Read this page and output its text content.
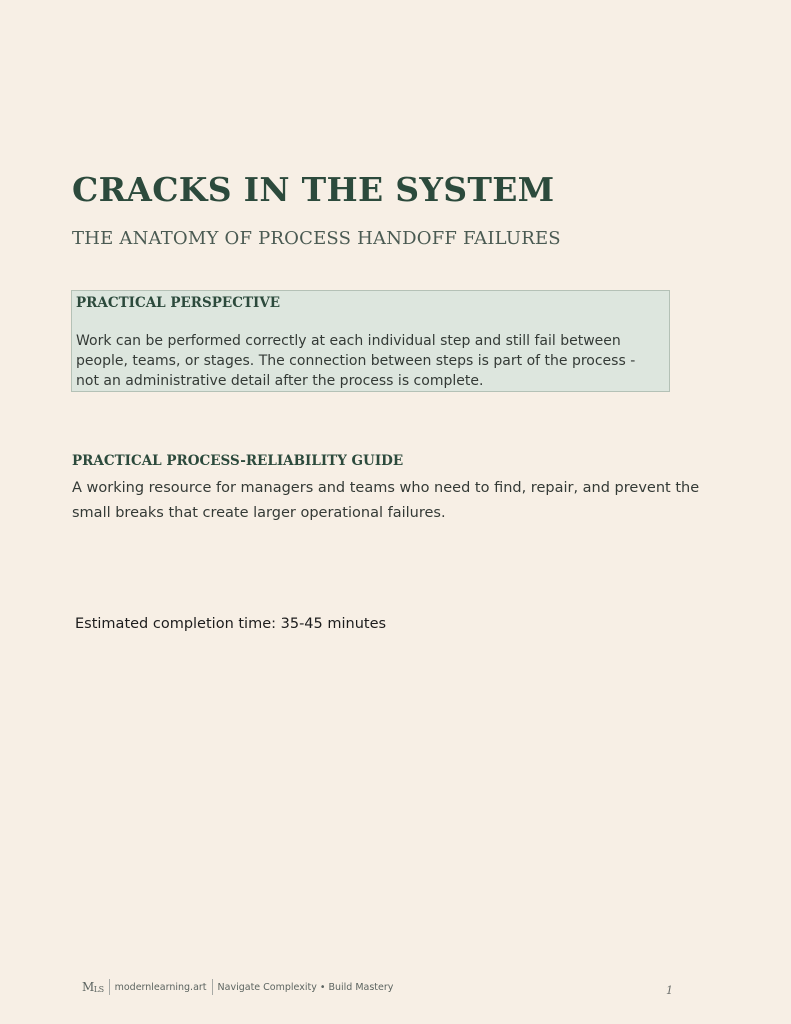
CRACKS IN THE SYSTEM
THE ANATOMY OF PROCESS HANDOFF FAILURES
PRACTICAL PERSPECTIVE
Work can be performed correctly at each individual step and still fail between
people, teams, or stages. The connection between steps is part of the process -
not an administrative detail after the process is complete.
PRACTICAL PROCESS-RELIABILITY GUIDE
A working resource for managers and teams who need to find, repair, and prevent the
small breaks that create larger operational failures.
Estimated completion time: 35-45 minutes
M LS modernlearning.art Navigate Complexity • Build Mastery	1
